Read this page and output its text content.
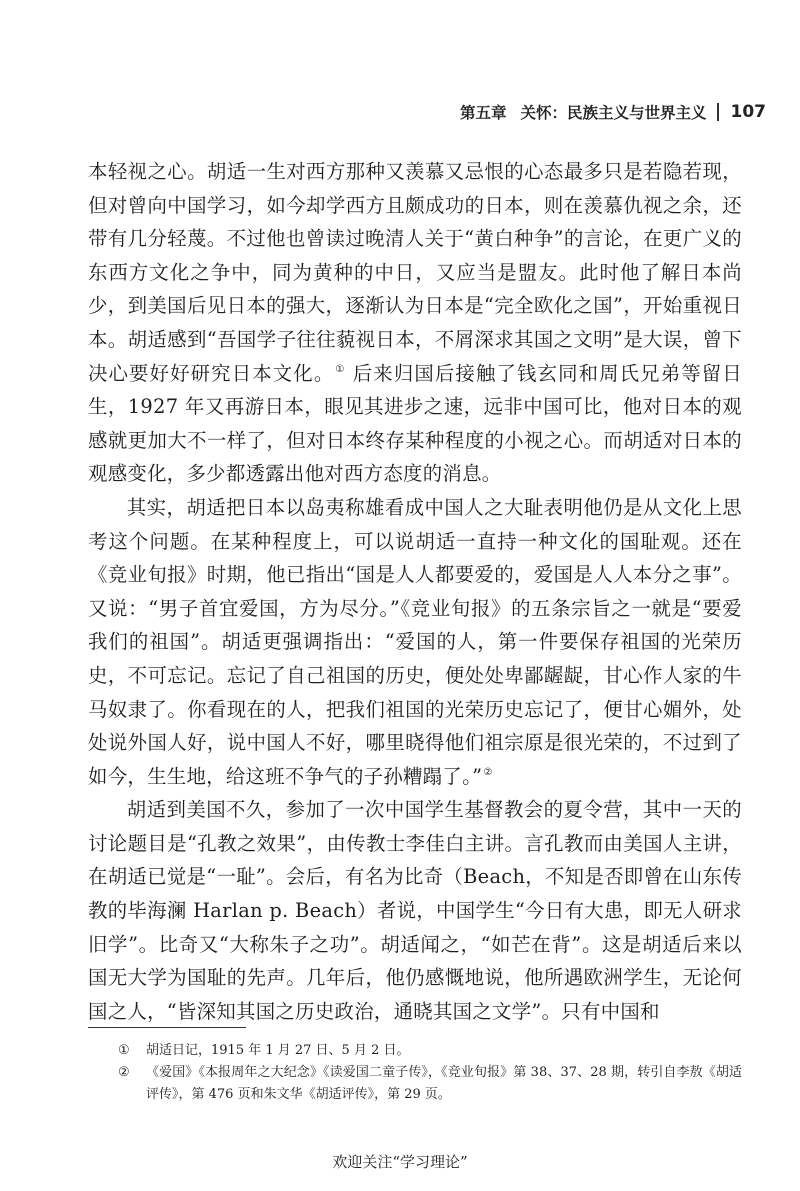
第五章 关怀：民族主义与世界主义 107

本轻视之心。胡适一生对西方那种又羡慕又忌恨的心态最多只是若隐若现，但对曾向中国学习，如今却学西方且颇成功的日本，则在羡慕仇视之余，还带有几分轻蔑。不过他也曾读过晚清人关于“黄白种争”的言论，在更广义的东西方文化之争中，同为黄种的中日，又应当是盟友。此时他了解日本尚少，到美国后见日本的强大，逐渐认为日本是“完全欧化之国”，开始重视日本。胡适感到“吾国学子往往藐视日本，不屑深求其国之文明”是大误，曾下决心要好好研究日本文化。① 后来归国后接触了钱玄同和周氏兄弟等留日生，1927 年又再游日本，眼见其进步之速，远非中国可比，他对日本的观感就更加大不一样了，但对日本终存某种程度的小视之心。而胡适对日本的观感变化，多少都透露出他对西方态度的消息。

其实，胡适把日本以岛夷称雄看成中国人之大耻表明他仍是从文化上思考这个问题。在某种程度上，可以说胡适一直持一种文化的国耻观。还在《竞业旬报》时期，他已指出“国是人人都要爱的，爱国是人人本分之事”。又说：“男子首宜爱国，方为尽分。”《竞业旬报》的五条宗旨之一就是“要爱我们的祖国”。胡适更强调指出：“爱国的人，第一件要保存祖国的光荣历史，不可忘记。忘记了自己祖国的历史，便处处卑鄙龌龊，甘心作人家的牛马奴隶了。你看现在的人，把我们祖国的光荣历史忘记了，便甘心媚外，处处说外国人好，说中国人不好，哪里晓得他们祖宗原是很光荣的，不过到了如今，生生地，给这班不争气的子孙糟蹋了。”②

胡适到美国不久，参加了一次中国学生基督教会的夏令营，其中一天的讨论题目是“孔教之效果”，由传教士李佳白主讲。言孔教而由美国人主讲，在胡适已觉是“一耻”。会后，有名为比奇（Beach，不知是否即曾在山东传教的毕海澜 Harlan p. Beach）者说，中国学生“今日有大患，即无人研求旧学”。比奇又“大称朱子之功”。胡适闻之，“如芒在背”。这是胡适后来以国无大学为国耻的先声。几年后，他仍感慨地说，他所遇欧洲学生，无论何国之人，“皆深知其国之历史政治，通晓其国之文学”。只有中国和

①	胡适日记，1915 年 1 月 27 日、5 月 2 日。

②	《爱国》《本报周年之大纪念》《读爱国二童子传》，《竞业旬报》第 38、37、28 期，转引自李敖《胡适评传》，第 476 页和朱文华《胡适评传》，第 29 页。

欢迎关注“学习理论”
